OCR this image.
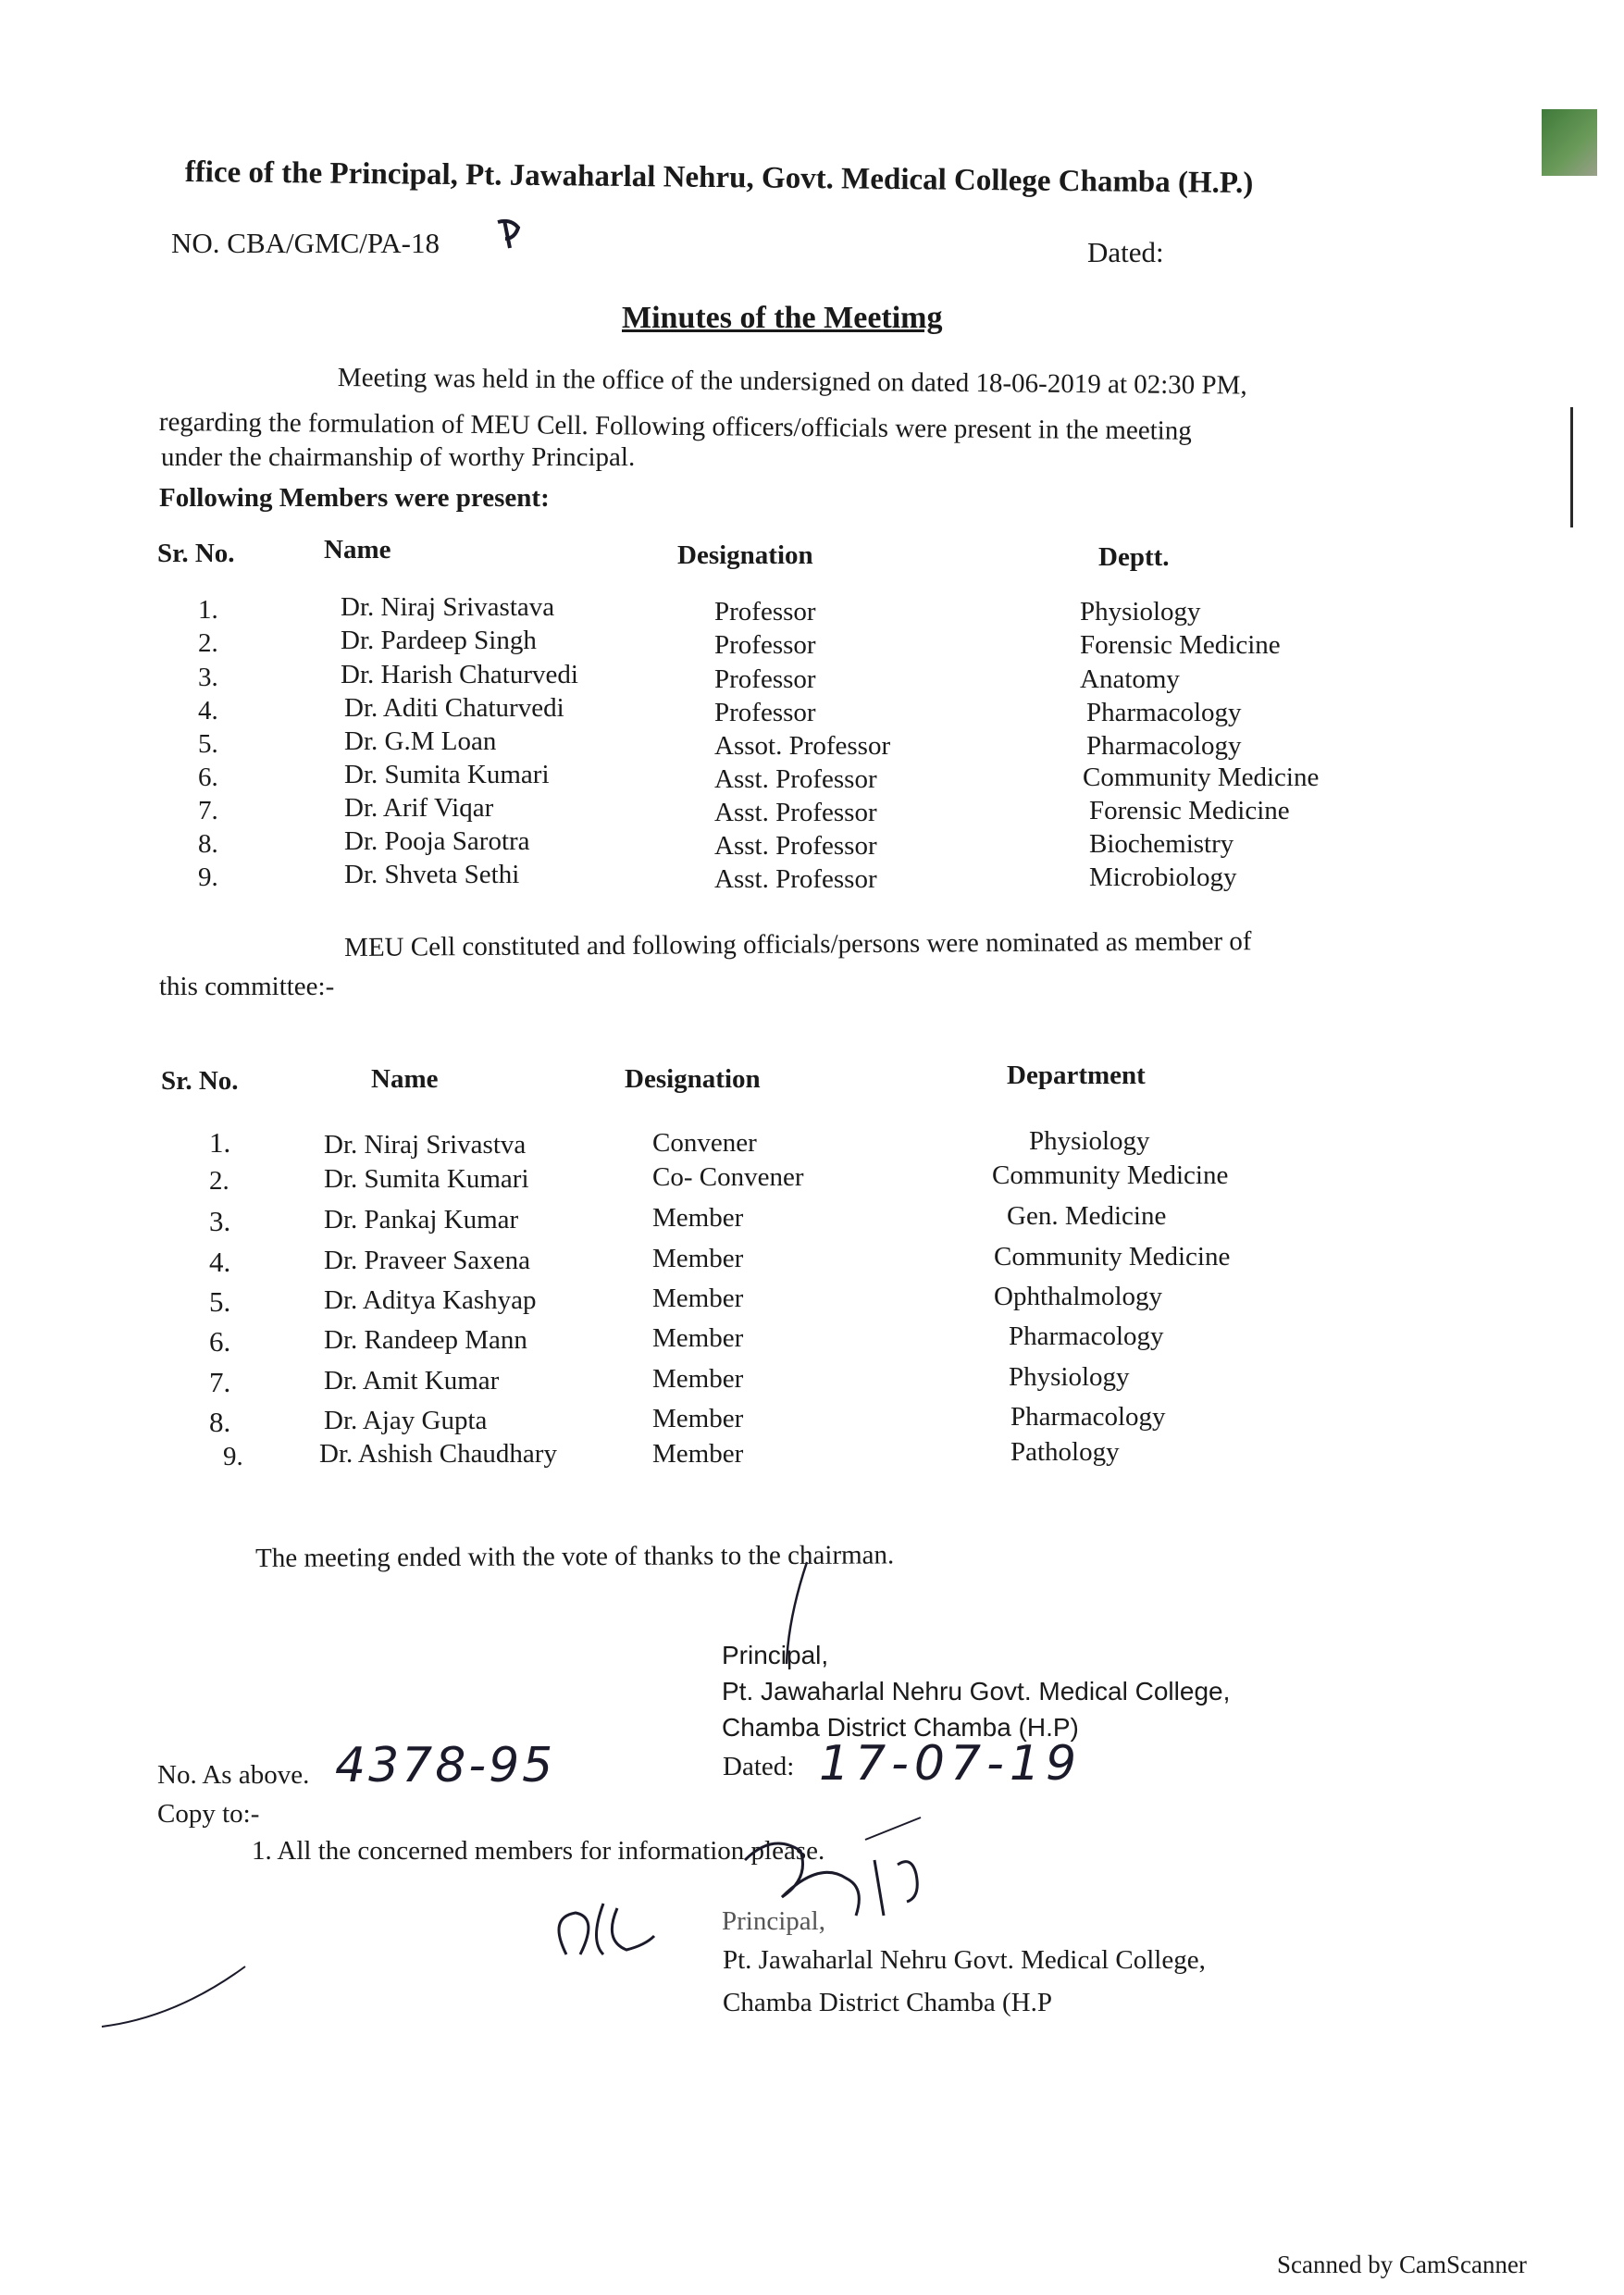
ffice of the Principal, Pt. Jawaharlal Nehru, Govt. Medical College Chamba (H.P.)
NO. CBA/GMC/PA-18	Dated:
Minutes of the Meetimg
Meeting was held in the office of the undersigned on dated 18-06-2019 at 02:30 PM,
regarding the formulation of MEU Cell. Following officers/officials were present in the meeting
under the chairmanship of worthy Principal.
Following Members were present:
Sr. No.	Name	Designation	Deptt.
1.	Dr. Niraj Srivastava	Professor	Physiology
2.	Dr. Pardeep Singh	Professor	Forensic Medicine
3.	Dr. Harish Chaturvedi	Professor	Anatomy
4.	Dr. Aditi Chaturvedi	Professor	Pharmacology
5.	Dr. G.M Loan	Assot. Professor	Pharmacology
6.	Dr. Sumita Kumari	Asst. Professor	Community Medicine
7.	Dr. Arif Viqar	Asst. Professor	Forensic Medicine
8.	Dr. Pooja Sarotra	Asst. Professor	Biochemistry
9.	Dr. Shveta Sethi	Asst. Professor	Microbiology
MEU Cell constituted and following officials/persons were nominated as member of
this committee:-
Sr. No.	Name	Designation	Department
1.	Dr. Niraj Srivastva	Convener	Physiology
2.	Dr. Sumita Kumari	Co- Convener	Community Medicine
3.	Dr. Pankaj Kumar	Member	Gen. Medicine
4.	Dr. Praveer Saxena	Member	Community Medicine
5.	Dr. Aditya Kashyap	Member	Ophthalmology
6.	Dr. Randeep Mann	Member	Pharmacology
7.	Dr. Amit Kumar	Member	Physiology
8.	Dr. Ajay Gupta	Member	Pharmacology
9.	Dr. Ashish Chaudhary	Member	Pathology
The meeting ended with the vote of thanks to the chairman.
Principal,
Pt. Jawaharlal Nehru Govt. Medical College,
Chamba District Chamba (H.P)
Dated: 17-07-19
No. As above. 4378-95
Copy to:-
1. All the concerned members for information please.
Principal,
Pt. Jawaharlal Nehru Govt. Medical College,
Chamba District Chamba (H.P
Scanned by CamScanner
